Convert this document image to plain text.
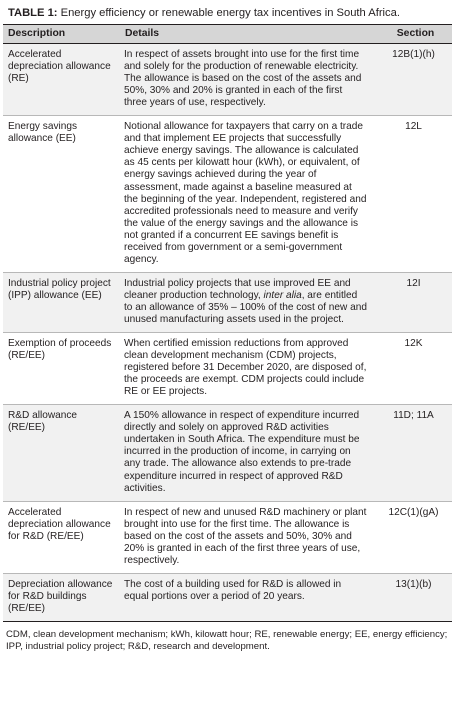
TABLE 1: Energy efficiency or renewable energy tax incentives in South Africa.
Description	Details	Section
Accelerated depreciation allowance (RE)	In respect of assets brought into use for the first time and solely for the production of renewable electricity. The allowance is based on the cost of the assets and 50%, 30% and 20% is granted in each of the first three years of use, respectively.	12B(1)(h)
Energy savings allowance (EE)	Notional allowance for taxpayers that carry on a trade and that implement EE projects that successfully achieve energy savings. The allowance is calculated as 45 cents per kilowatt hour (kWh), or equivalent, of energy savings achieved during the year of assessment, made against a baseline measured at the beginning of the year. Independent, registered and accredited professionals need to measure and verify the value of the energy savings and the allowance is not granted if a concurrent EE savings benefit is received from government or a semi-government agency.	12L
Industrial policy project (IPP) allowance (EE)	Industrial policy projects that use improved EE and cleaner production technology, inter alia, are entitled to an allowance of 35% – 100% of the cost of new and unused manufacturing assets used in the project.	12I
Exemption of proceeds (RE/EE)	When certified emission reductions from approved clean development mechanism (CDM) projects, registered before 31 December 2020, are disposed of, the proceeds are exempt. CDM projects could include RE or EE projects.	12K
R&D allowance (RE/EE)	A 150% allowance in respect of expenditure incurred directly and solely on approved R&D activities undertaken in South Africa. The expenditure must be incurred in the production of income, in carrying on any trade. The allowance also extends to pre-trade expenditure incurred in respect of approved R&D activities.	11D; 11A
Accelerated depreciation allowance for R&D (RE/EE)	In respect of new and unused R&D machinery or plant brought into use for the first time. The allowance is based on the cost of the assets and 50%, 30% and 20% is granted in each of the first three years of use, respectively.	12C(1)(gA)
Depreciation allowance for R&D buildings (RE/EE)	The cost of a building used for R&D is allowed in equal portions over a period of 20 years.	13(1)(b)
CDM, clean development mechanism; kWh, kilowatt hour; RE, renewable energy; EE, energy efficiency; IPP, industrial policy project; R&D, research and development.
